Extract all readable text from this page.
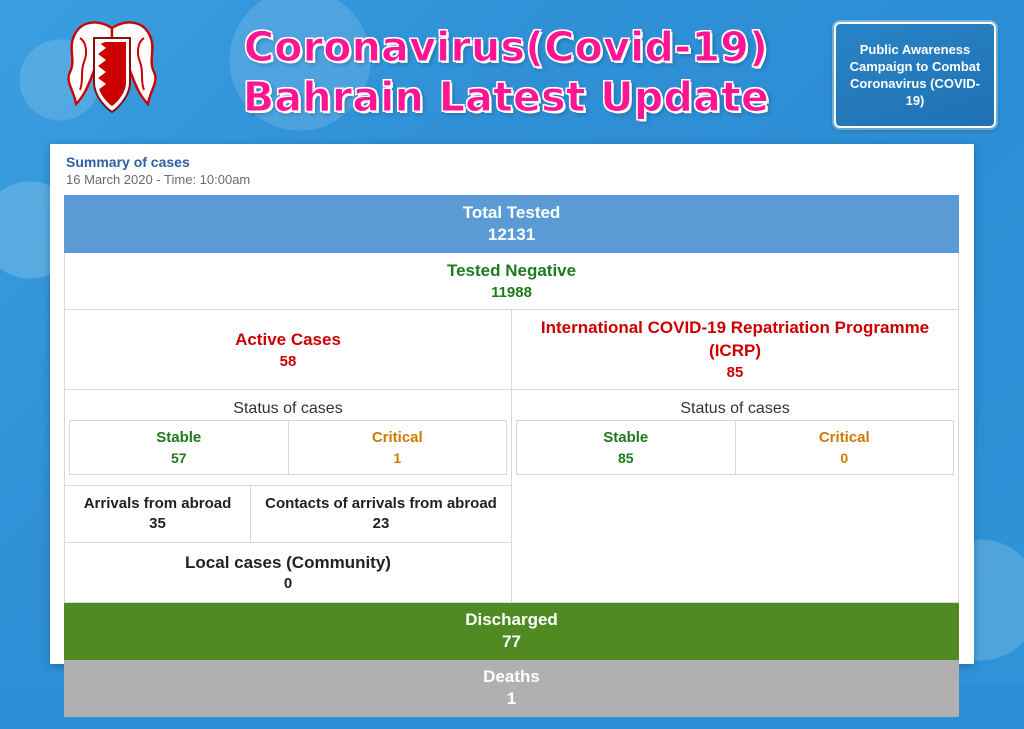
Coronavirus(Covid-19)
Bahrain Latest Update
Public Awareness Campaign to Combat Coronavirus (COVID-19)
Summary of cases
16 March 2020 - Time: 10:00am
Total Tested
12131

Tested Negative
11988

Active Cases
58
	International COVID-19 Repatriation Programme (ICRP)
85

Status of cases
Stable
57

Critical
1

Status of cases
Stable
85

Critical
0

Arrivals from abroad
35

Contacts of arrivals from abroad
23

Local cases (Community)
0

Discharged
77

Deaths
1
